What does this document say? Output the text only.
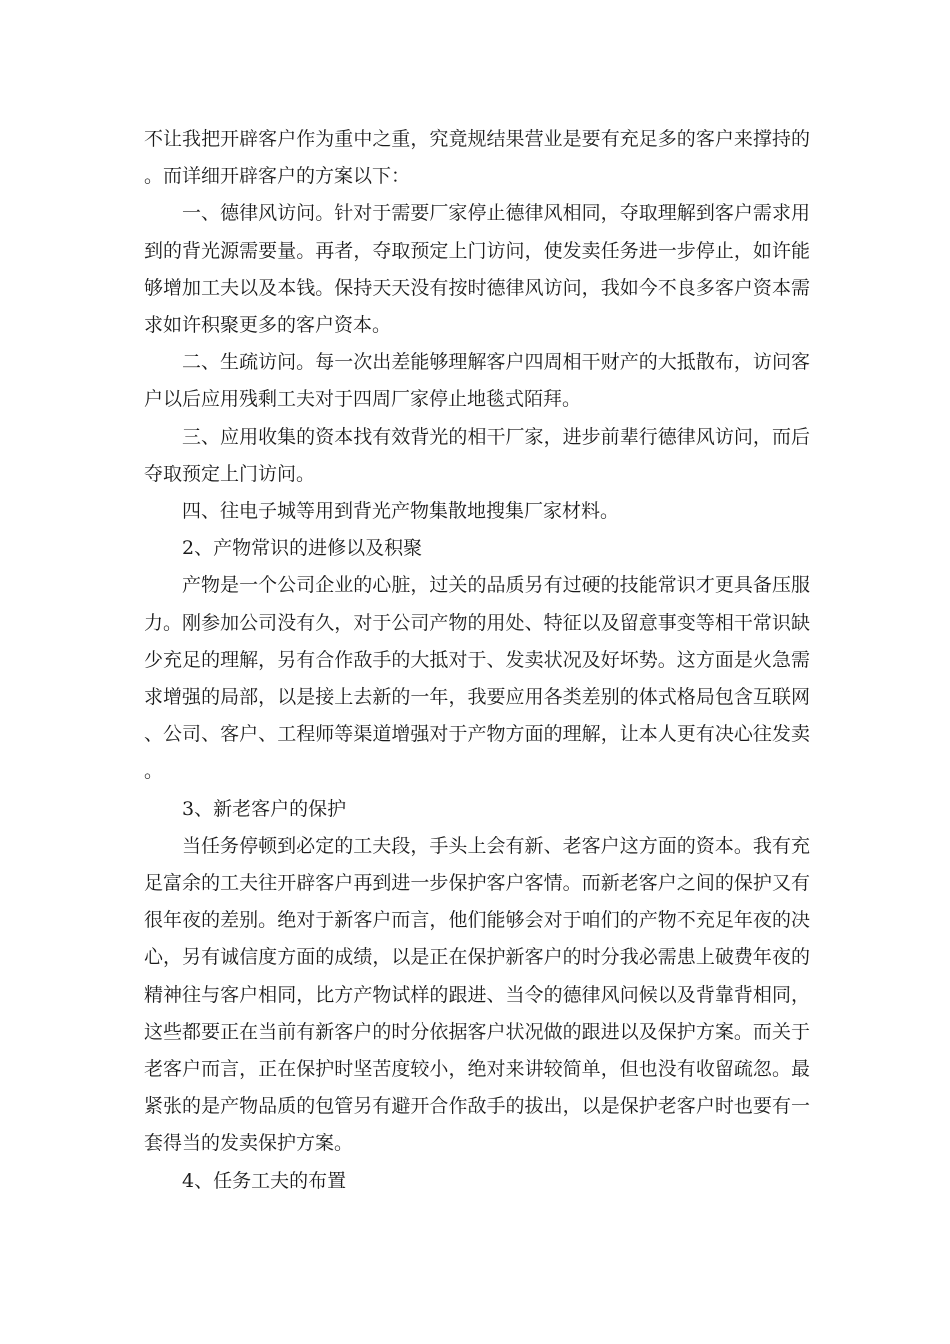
不让我把开辟客户作为重中之重，究竟规结果营业是要有充足多的客户来撑持的。而详细开辟客户的方案以下：

一、德律风访问。针对于需要厂家停止德律风相同，夺取理解到客户需求用到的背光源需要量。再者，夺取预定上门访问，使发卖任务进一步停止，如许能够增加工夫以及本钱。保持天天没有按时德律风访问，我如今不良多客户资本需求如许积聚更多的客户资本。

二、生疏访问。每一次出差能够理解客户四周相干财产的大抵散布，访问客户以后应用残剩工夫对于四周厂家停止地毯式陌拜。

三、应用收集的资本找有效背光的相干厂家，进步前辈行德律风访问，而后夺取预定上门访问。

四、往电子城等用到背光产物集散地搜集厂家材料。

2、产物常识的进修以及积聚

产物是一个公司企业的心脏，过关的品质另有过硬的技能常识才更具备压服力。刚参加公司没有久，对于公司产物的用处、特征以及留意事变等相干常识缺少充足的理解，另有合作敌手的大抵对于、发卖状况及好坏势。这方面是火急需求增强的局部，以是接上去新的一年，我要应用各类差别的体式格局包含互联网、公司、客户、工程师等渠道增强对于产物方面的理解，让本人更有决心往发卖。

3、新老客户的保护

当任务停顿到必定的工夫段，手头上会有新、老客户这方面的资本。我有充足富余的工夫往开辟客户再到进一步保护客户客情。而新老客户之间的保护又有很年夜的差别。绝对于新客户而言，他们能够会对于咱们的产物不充足年夜的决心，另有诚信度方面的成绩，以是正在保护新客户的时分我必需患上破费年夜的精神往与客户相同，比方产物试样的跟进、当令的德律风问候以及背靠背相同，这些都要正在当前有新客户的时分依据客户状况做的跟进以及保护方案。而关于老客户而言，正在保护时坚苦度较小，绝对来讲较简单，但也没有收留疏忽。最紧张的是产物品质的包管另有避开合作敌手的拔出，以是保护老客户时也要有一套得当的发卖保护方案。

4、任务工夫的布置
